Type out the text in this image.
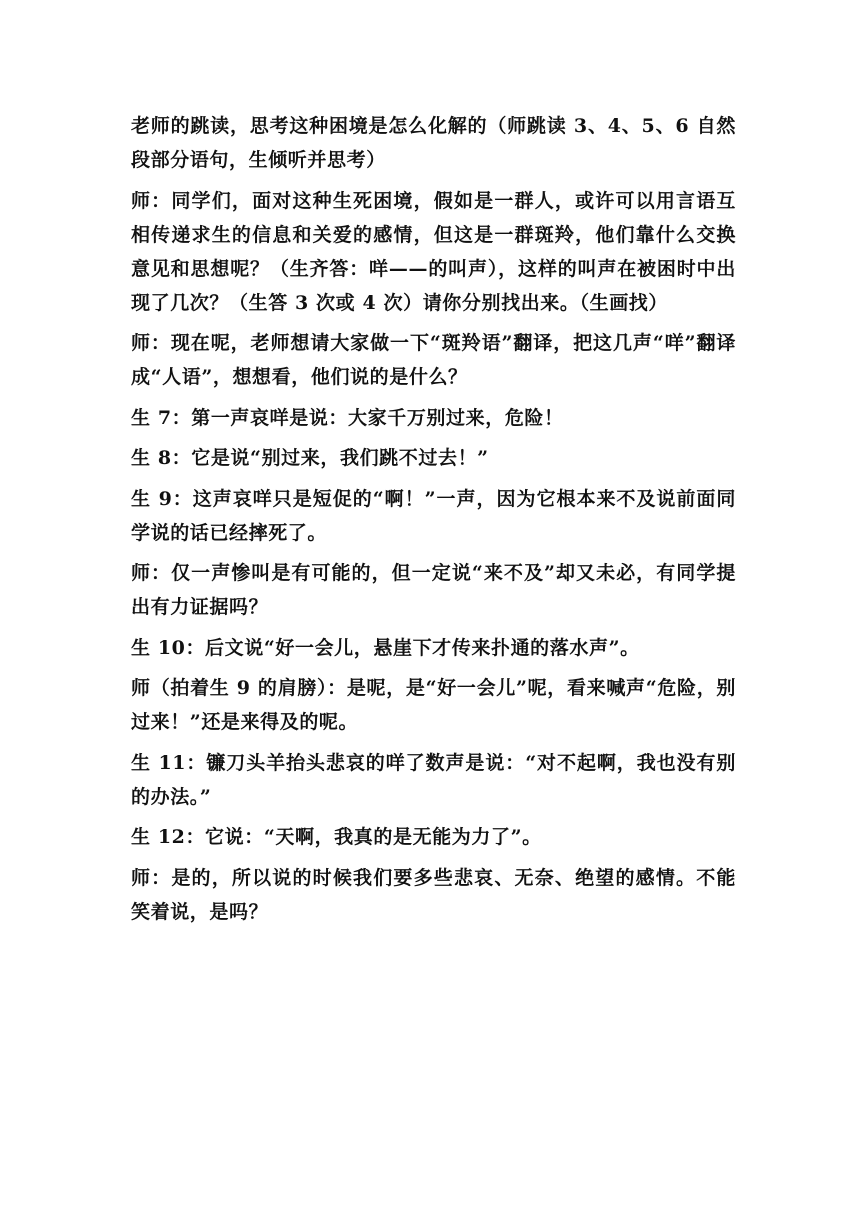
老师的跳读，思考这种困境是怎么化解的（师跳读 3、4、5、6 自然段部分语句，生倾听并思考）

师：同学们，面对这种生死困境，假如是一群人，或许可以用言语互相传递求生的信息和关爱的感情，但这是一群斑羚，他们靠什么交换意见和思想呢？（生齐答：咩——的叫声），这样的叫声在被困时中出现了几次？（生答 3 次或 4 次）请你分别找出来。（生画找）

师：现在呢，老师想请大家做一下“斑羚语”翻译，把这几声“咩”翻译成“人语”，想想看，他们说的是什么？

生 7：第一声哀咩是说：大家千万别过来，危险！

生 8：它是说“别过来，我们跳不过去！”

生 9：这声哀咩只是短促的“啊！”一声，因为它根本来不及说前面同学说的话已经摔死了。

师：仅一声惨叫是有可能的，但一定说“来不及”却又未必，有同学提出有力证据吗？

生 10：后文说“好一会儿，悬崖下才传来扑通的落水声”。

师（拍着生 9 的肩膀）：是呢，是“好一会儿”呢，看来喊声“危险，别过来！”还是来得及的呢。

生 11：镰刀头羊抬头悲哀的咩了数声是说：“对不起啊，我也没有别的办法。”

生 12：它说：“天啊，我真的是无能为力了”。

师：是的，所以说的时候我们要多些悲哀、无奈、绝望的感情。不能笑着说，是吗？
